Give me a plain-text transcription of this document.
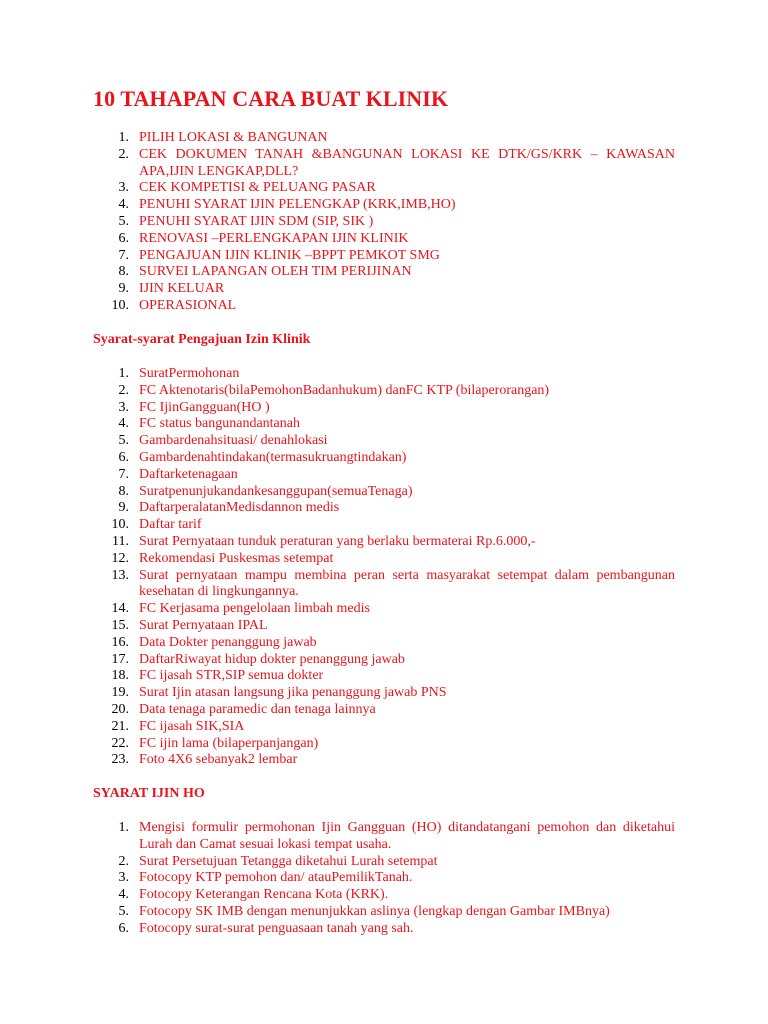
10 TAHAPAN CARA BUAT KLINIK
1. PILIH LOKASI & BANGUNAN
2. CEK DOKUMEN TANAH &BANGUNAN LOKASI KE DTK/GS/KRK – KAWASAN APA,IJIN LENGKAP,DLL?
3. CEK KOMPETISI & PELUANG PASAR
4. PENUHI SYARAT IJIN PELENGKAP (KRK,IMB,HO)
5. PENUHI SYARAT IJIN SDM (SIP, SIK )
6. RENOVASI –PERLENGKAPAN IJIN KLINIK
7. PENGAJUAN IJIN KLINIK –BPPT PEMKOT SMG
8. SURVEI LAPANGAN OLEH TIM PERIJINAN
9. IJIN KELUAR
10. OPERASIONAL
Syarat-syarat Pengajuan Izin Klinik
1. SuratPermohonan
2. FC Aktenotaris(bilaPemohonBadanhukum) danFC KTP (bilaperorangan)
3. FC IjinGangguan(HO )
4. FC status bangunandantanah
5. Gambardenahsituasi/ denahlokasi
6. Gambardenahtindakan(termasukruangtindakan)
7. Daftarketenagaan
8. Suratpenunjukandankesanggupan(semuaTenaga)
9. DaftarperalatanMedisdannon medis
10. Daftar tarif
11. Surat Pernyataan tunduk peraturan yang berlaku bermaterai Rp.6.000,-
12. Rekomendasi Puskesmas setempat
13. Surat pernyataan mampu membina peran serta masyarakat setempat dalam pembangunan kesehatan di lingkungannya.
14. FC Kerjasama pengelolaan limbah medis
15. Surat Pernyataan IPAL
16. Data Dokter penanggung jawab
17. DaftarRiwayat hidup dokter penanggung jawab
18. FC ijasah STR,SIP semua dokter
19. Surat Ijin atasan langsung jika penanggung jawab PNS
20. Data tenaga paramedic dan tenaga lainnya
21. FC ijasah SIK,SIA
22. FC ijin lama (bilaperpanjangan)
23. Foto 4X6 sebanyak2 lembar
SYARAT IJIN HO
1. Mengisi formulir permohonan Ijin Gangguan (HO) ditandatangani pemohon dan diketahui Lurah dan Camat sesuai lokasi tempat usaha.
2. Surat Persetujuan Tetangga diketahui Lurah setempat
3. Fotocopy KTP pemohon dan/ atauPemilikTanah.
4. Fotocopy Keterangan Rencana Kota (KRK).
5. Fotocopy SK IMB dengan menunjukkan aslinya (lengkap dengan Gambar IMBnya)
6. Fotocopy surat-surat penguasaan tanah yang sah.
